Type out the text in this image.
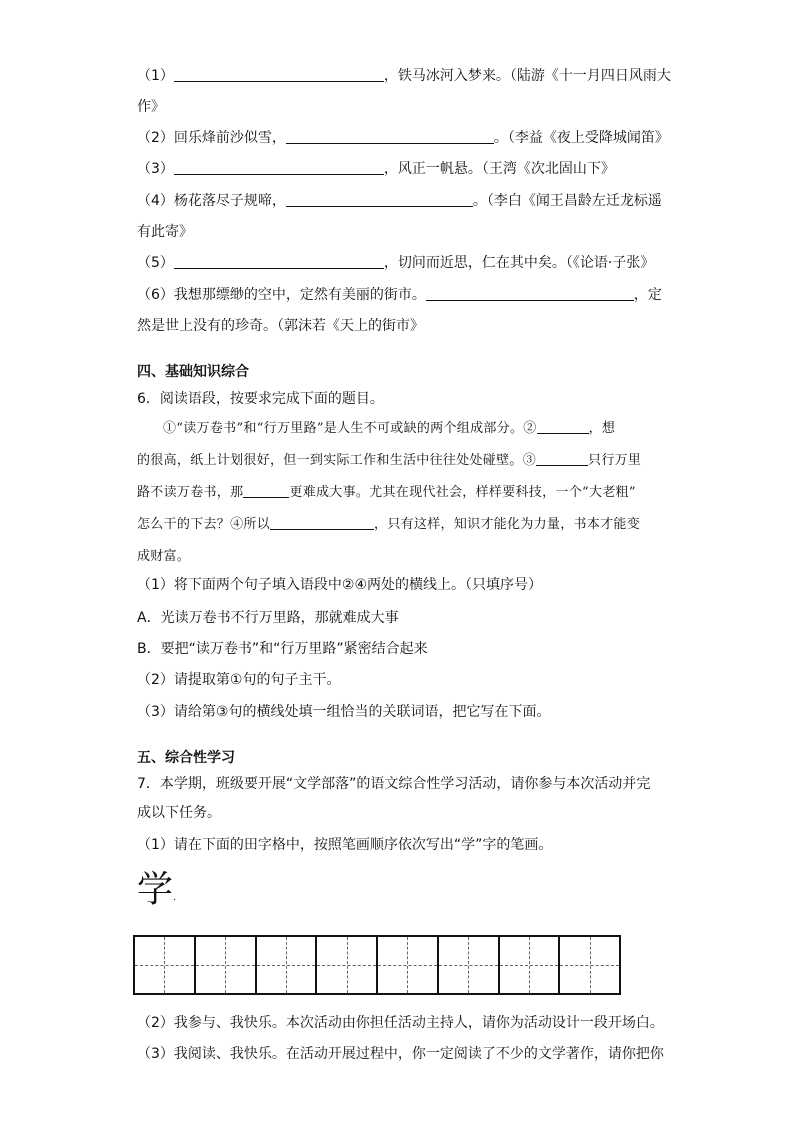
（1）	，铁马冰河入梦来。（陆游《十一月四日风雨大
作》
（2）回乐烽前沙似雪，	。（李益《夜上受降城闻笛》
（3）	，风正一帆悬。（王湾《次北固山下》
（4）杨花落尽子规啼，	。（李白《闻王昌龄左迁龙标遥
有此寄》
（5）	，切问而近思，仁在其中矣。（《论语·子张》
（6）我想那缥缈的空中，定然有美丽的街市。	，定
然是世上没有的珍奇。（郭沫若《天上的街市》
四、基础知识综合
6．阅读语段，按要求完成下面的题目。
①“读万卷书”和“行万里路”是人生不可或缺的两个组成部分。②	，想
的很高，纸上计划很好，但一到实际工作和生活中往往处处碰壁。③	只行万里
路不读万卷书，那	更难成大事。尤其在现代社会，样样要科技，一个“大老粗”
怎么干的下去？④所以	，只有这样，知识才能化为力量，书本才能变
成财富。
（1）将下面两个句子填入语段中②④两处的横线上。（只填序号）
A．光读万卷书不行万里路，那就难成大事
B．要把“读万卷书”和“行万里路”紧密结合起来
（2）请提取第①句的句子主干。
（3）请给第③句的横线处填一组恰当的关联词语，把它写在下面。
五、综合性学习
7．本学期，班级要开展“文学部落”的语文综合性学习活动，请你参与本次活动并完
成以下任务。
（1）请在下面的田字格中，按照笔画顺序依次写出“学”字的笔画。
学·
（2）我参与、我快乐。本次活动由你担任活动主持人，请你为活动设计一段开场白。
（3）我阅读、我快乐。在活动开展过程中，你一定阅读了不少的文学著作，请你把你
